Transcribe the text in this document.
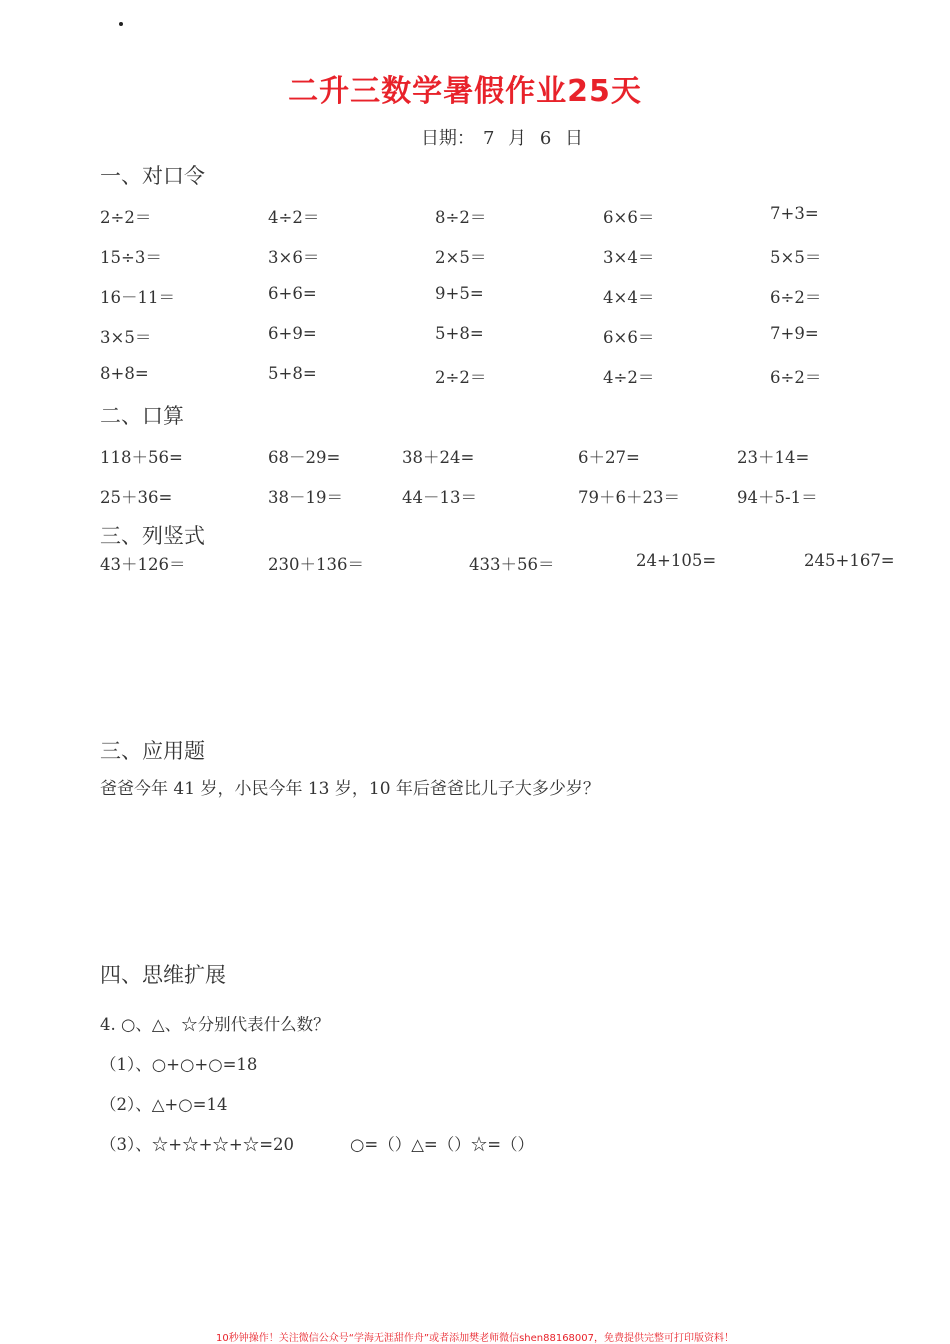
二升三数学暑假作业25天
日期： 7 月 6 日
一、对口令
2÷2＝	4÷2＝	8÷2＝	6×6＝	7+3=
15÷3＝	3×6＝	2×5＝	3×4＝	5×5＝
16－11＝	6+6=	9+5=	4×4＝	6÷2＝
3×5＝	6+9=	5+8=	6×6＝	7+9=
8+8=	5+8=	2÷2＝	4÷2＝	6÷2＝
二、口算
118＋56=	68－29=	38＋24=	6＋27=	23＋14=
25＋36=	38－19＝	44－13＝	79＋6＋23＝	94＋5-1＝
三、列竖式
43＋126＝	230＋136＝	433＋56＝	24+105=	245+167=
三、应用题
爸爸今年 41 岁，小民今年 13 岁，10 年后爸爸比儿子大多少岁？
四、思维扩展
4. ○、△、☆分别代表什么数？
（1）、○+○+○=18
（2）、△+○=14
（3）、☆+☆+☆+☆=20	○=（）△=（）☆=（）
10秒钟操作！关注微信公众号“学海无涯甜作舟”或者添加樊老师微信shen88168007，免费提供完整可打印版资料！
